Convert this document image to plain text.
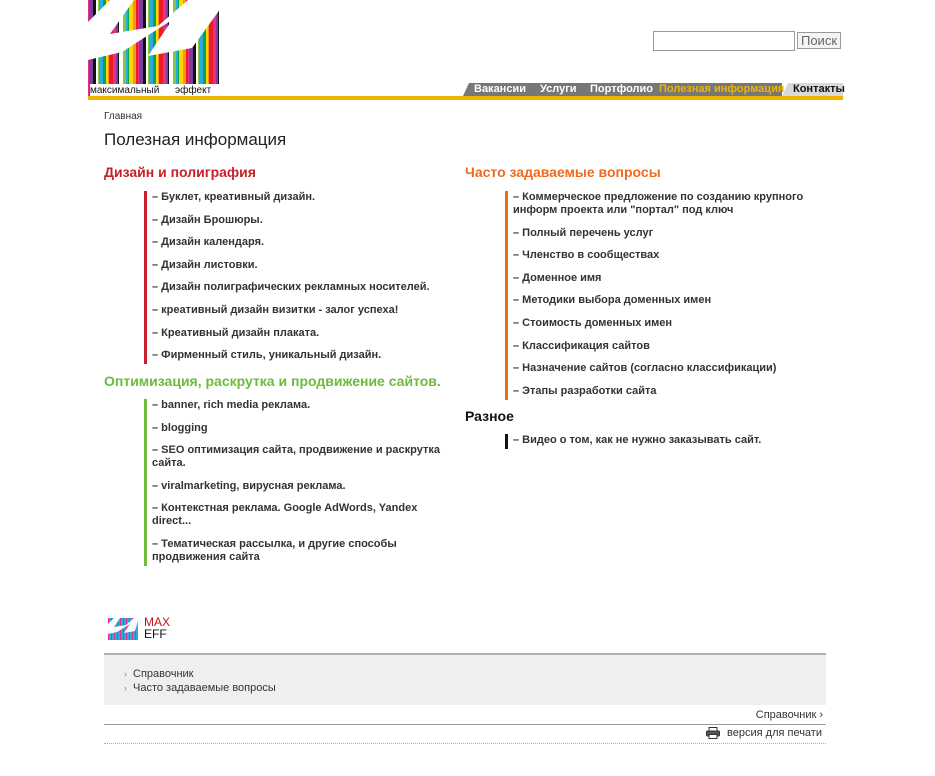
максимальный эффект
Поиск
Вакансии	Услуги	Портфолио Полезная информация Контакты
Главная
Полезная информация
Дизайн и полиграфия
– Буклет, креативный дизайн.
– Дизайн Брошюры.
– Дизайн календаря.
– Дизайн листовки.
– Дизайн полиграфических рекламных носителей.
– креативный дизайн визитки - залог успеха!
– Креативный дизайн плаката.
– Фирменный стиль, уникальный дизайн.
Оптимизация, раскрутка и продвижение сайтов.
– banner, rich media реклама.
– blogging
– SEO оптимизация сайта, продвижение и раскрутка сайта.
– viralmarketing, вирусная реклама.
– Контекстная реклама. Google AdWords, Yandex direct...
– Тематическая рассылка, и другие способы продвижения сайта
Часто задаваемые вопросы
– Коммерческое предложение по созданию крупного информ проекта или "портал" под ключ
– Полный перечень услуг
– Членство в сообществах
– Доменное имя
– Методики выбора доменных имен
– Стоимость доменных имен
– Классификация сайтов
– Назначение сайтов (согласно классификации)
– Этапы разработки сайта
Разное
– Видео о том, как не нужно заказывать сайт.
MAX
EFF
› Справочник
› Часто задаваемые вопросы
Справочник ›
версия для печати
